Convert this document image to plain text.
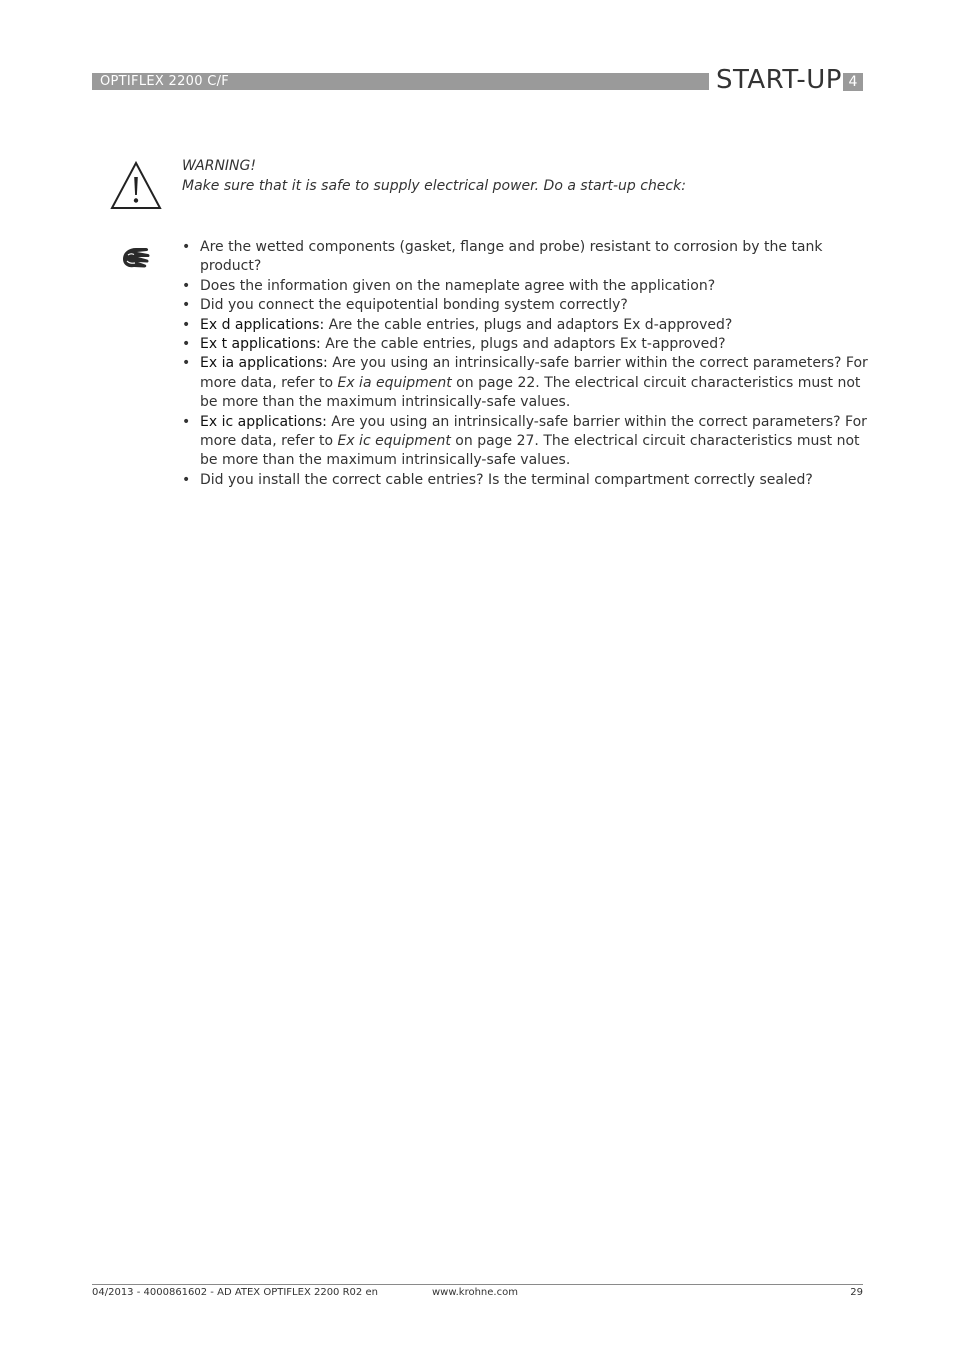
OPTIFLEX 2200 C/F	START-UP 4
WARNING!
Make sure that it is safe to supply electrical power. Do a start-up check:
• Are the wetted components (gasket, flange and probe) resistant to corrosion by the tank product?
• Does the information given on the nameplate agree with the application?
• Did you connect the equipotential bonding system correctly?
• Ex d applications: Are the cable entries, plugs and adaptors Ex d-approved?
• Ex t applications: Are the cable entries, plugs and adaptors Ex t-approved?
• Ex ia applications: Are you using an intrinsically-safe barrier within the correct parameters? For more data, refer to Ex ia equipment on page 22. The electrical circuit characteristics must not be more than the maximum intrinsically-safe values.
• Ex ic applications: Are you using an intrinsically-safe barrier within the correct parameters? For more data, refer to Ex ic equipment on page 27. The electrical circuit characteristics must not be more than the maximum intrinsically-safe values.
• Did you install the correct cable entries? Is the terminal compartment correctly sealed?
04/2013 - 4000861602 - AD ATEX OPTIFLEX 2200 R02 en	www.krohne.com	29
